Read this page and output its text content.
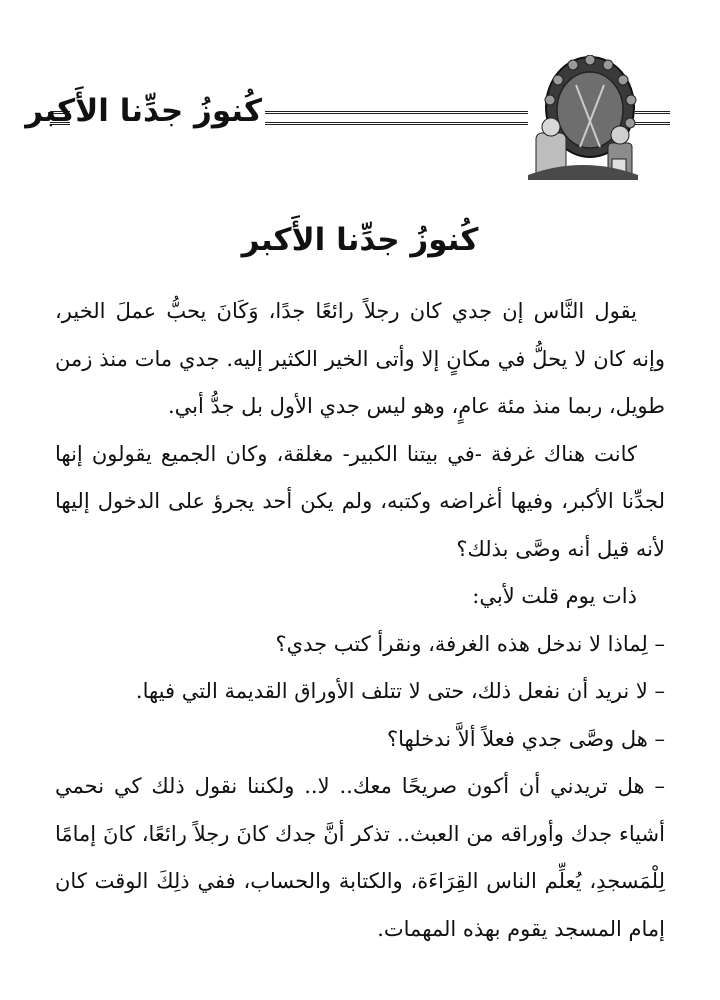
كُنوزُ جدِّنا الأَكبر
كُنوزُ جدِّنا الأَكبر

يقول النَّاس إن جدي كان رجلاً رائعًا جدًا، وَكَانَ يحبُّ عملَ الخير، وإنه كان لا يحلُّ في مكانٍ إلا وأتى الخير الكثير إليه. جدي مات منذ زمن طويل، ربما منذ مئة عامٍ، وهو ليس جدي الأول بل جدُّ أبي.

كانت هناك غرفة -في بيتنا الكبير- مغلقة، وكان الجميع يقولون إنها لجدِّنا الأكبر، وفيها أغراضه وكتبه، ولم يكن أحد يجرؤ على الدخول إليها لأنه قيل أنه وصَّى بذلك؟

ذات يوم قلت لأبي:

– لِماذا لا ندخل هذه الغرفة، ونقرأ كتب جدي؟

– لا نريد أن نفعل ذلك، حتى لا تتلف الأوراق القديمة التي فيها.

– هل وصَّى جدي فعلاً ألاَّ ندخلها؟

– هل تريدني أن أكون صريحًا معك.. لا.. ولكننا نقول ذلك كي نحمي أشياء جدك وأوراقه من العبث.. تذكر أنَّ جدك كانَ رجلاً رائعًا، كانَ إمامًا لِلْمَسجدِ، يُعلِّم الناس القِرَاءَة، والكتابة والحساب، ففي ذلِكَ الوقت كان إمام المسجد يقوم بهذه المهمات.
